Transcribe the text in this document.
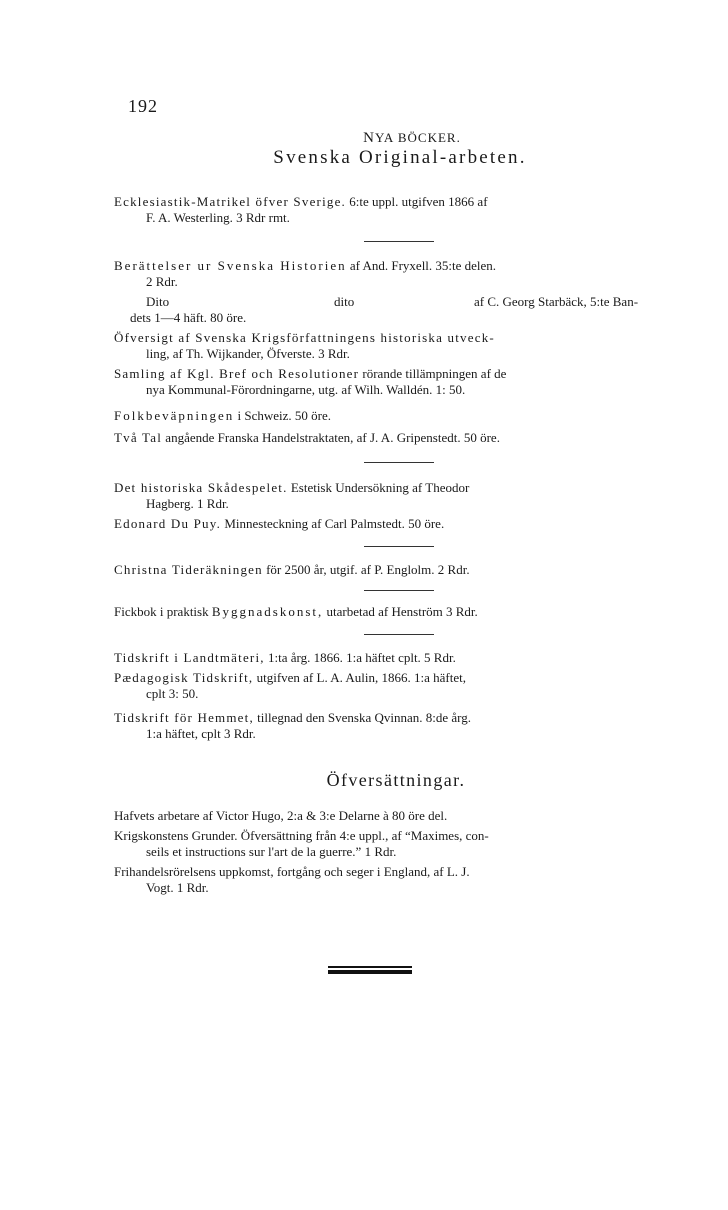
192
NYA BÖCKER.
Svenska Original-arbeten.
Ecklesiastik-Matrikel öfver Sverige. 6:te uppl. utgifven 1866 af
F. A. Westerling. 3 Rdr rmt.
Berättelser ur Svenska Historien af And. Fryxell. 35:te delen.
2 Rdr.
Dito	dito	af C. Georg Starbäck, 5:te Ban-
dets 1—4 häft. 80 öre.
Öfversigt af Svenska Krigsförfattningens historiska utveck-
ling, af Th. Wijkander, Öfverste. 3 Rdr.
Samling af Kgl. Bref och Resolutioner rörande tillämpningen af de
nya Kommunal-Förordningarne, utg. af Wilh. Walldén. 1: 50.
Folkbeväpningen i Schweiz. 50 öre.
Två Tal angående Franska Handelstraktaten, af J. A. Gripenstedt. 50 öre.
Det historiska Skådespelet. Estetisk Undersökning af Theodor
Hagberg. 1 Rdr.
Edonard Du Puy. Minnesteckning af Carl Palmstedt. 50 öre.
Christna Tideräkningen för 2500 år, utgif. af P. Englolm. 2 Rdr.
Fickbok i praktisk Byggnadskonst, utarbetad af Henström 3 Rdr.
Tidskrift i Landtmäteri, 1:ta årg. 1866. 1:a häftet cplt. 5 Rdr.
Pædagogisk Tidskrift, utgifven af L. A. Aulin, 1866. 1:a häftet,
cplt 3: 50.
Tidskrift för Hemmet, tillegnad den Svenska Qvinnan. 8:de årg.
1:a häftet, cplt 3 Rdr.
Öfversättningar.
Hafvets arbetare af Victor Hugo, 2:a & 3:e Delarne à 80 öre del.
Krigskonstens Grunder. Öfversättning från 4:e uppl., af “Maximes, con-
seils et instructions sur l'art de la guerre.” 1 Rdr.
Frihandelsrörelsens uppkomst, fortgång och seger i England, af L. J.
Vogt. 1 Rdr.
